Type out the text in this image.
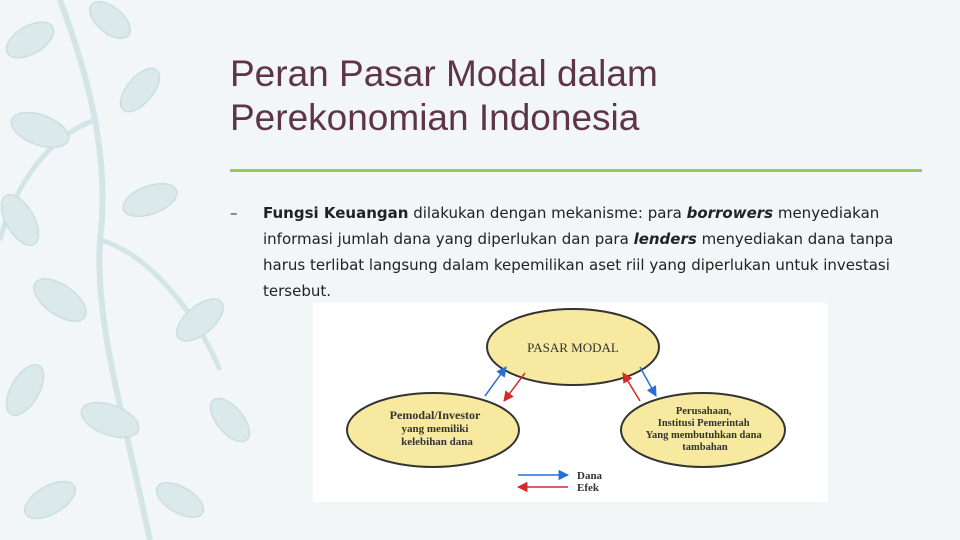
Peran Pasar Modal dalam
Perekonomian Indonesia
–	Fungsi Keuangan dilakukan dengan mekanisme: para borrowers menyediakan informasi jumlah dana yang diperlukan dan para lenders menyediakan dana tanpa harus terlibat langsung dalam kepemilikan aset riil yang diperlukan untuk investasi tersebut.
PASAR MODAL
Pemodal/Investor yang memiliki kelebihan dana
Perusahaan, Institusi Pemerintah Yang membutuhkan dana tambahan
Dana
Efek
